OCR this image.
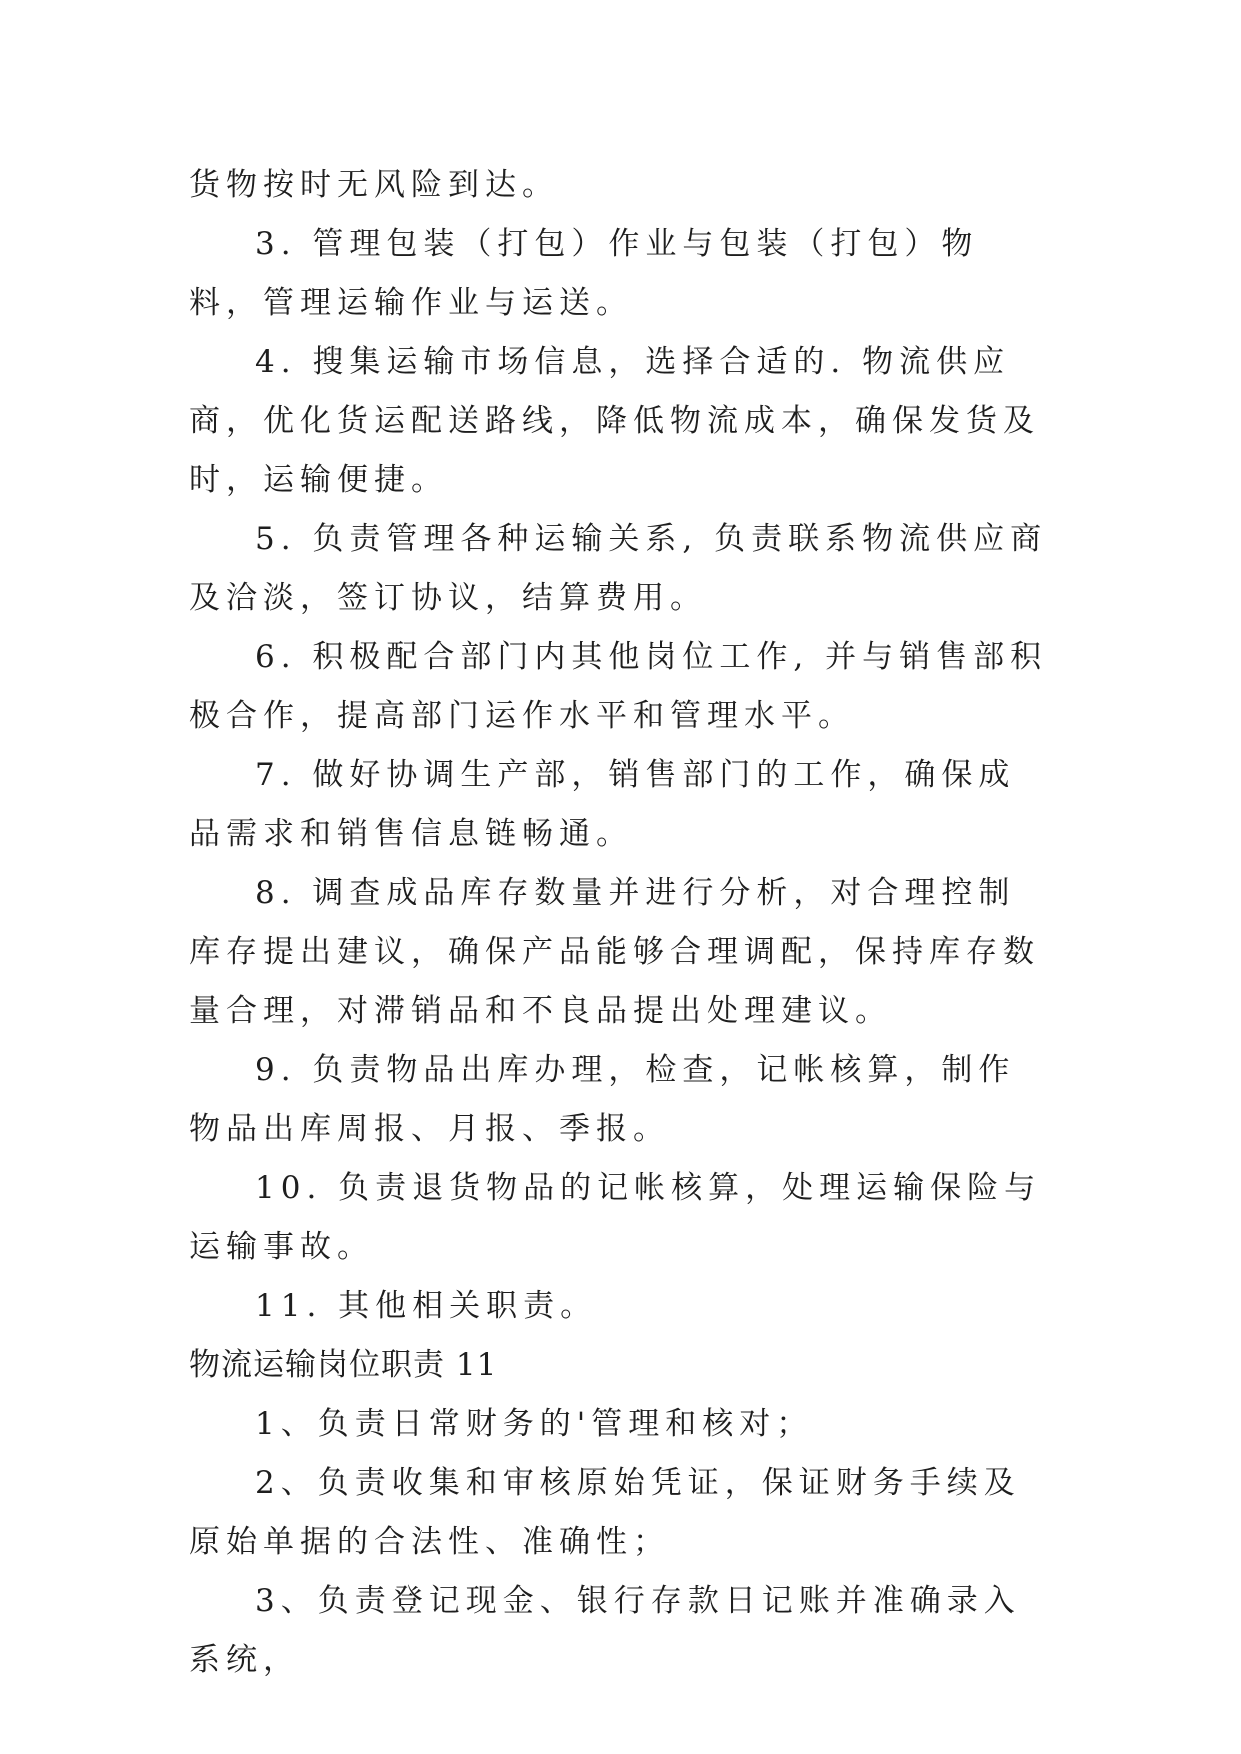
货物按时无风险到达。

3. 管理包装（打包）作业与包装（打包）物料，管理运输作业与运送。

4. 搜集运输市场信息，选择合适的. 物流供应商，优化货运配送路线，降低物流成本，确保发货及时，运输便捷。

5. 负责管理各种运输关系, 负责联系物流供应商及洽淡，签订协议，结算费用。

6. 积极配合部门内其他岗位工作, 并与销售部积极合作，提高部门运作水平和管理水平。

7. 做好协调生产部，销售部门的工作，确保成品需求和销售信息链畅通。

8. 调查成品库存数量并进行分析，对合理控制库存提出建议，确保产品能够合理调配，保持库存数量合理，对滞销品和不良品提出处理建议。

9. 负责物品出库办理，检查，记帐核算，制作物品出库周报、月报、季报。

10. 负责退货物品的记帐核算，处理运输保险与运输事故。

11. 其他相关职责。

物流运输岗位职责 11

1、负责日常财务的'管理和核对；

2、负责收集和审核原始凭证，保证财务手续及原始单据的合法性、准确性；

3、负责登记现金、银行存款日记账并准确录入系统，
